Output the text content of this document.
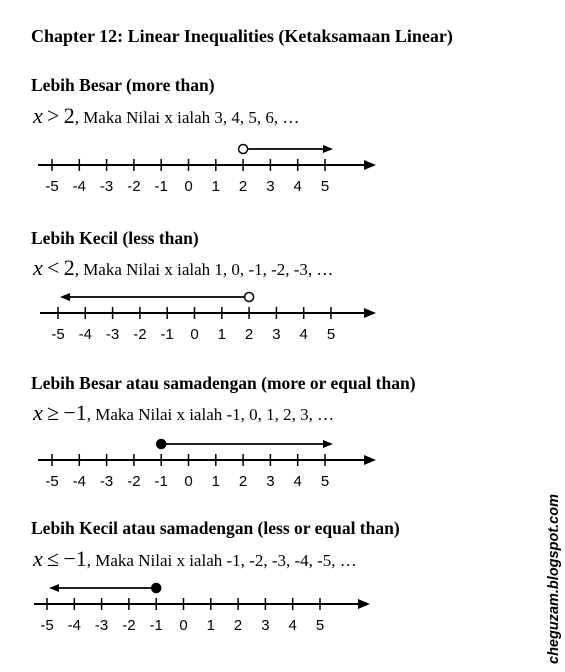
Chapter 12: Linear Inequalities (Ketaksamaan Linear)
Lebih Besar (more than)
x > 2, Maka Nilai x ialah 3, 4, 5, 6, …
-5 -4 -3 -2 -1 0 1 2 3 4 5
Lebih Kecil (less than)
x < 2, Maka Nilai x ialah 1, 0, -1, -2, -3, …
-5 -4 -3 -2 -1 0 1 2 3 4 5
Lebih Besar atau samadengan (more or equal than)
x ≥ −1, Maka Nilai x ialah -1, 0, 1, 2, 3, …
-5 -4 -3 -2 -1 0 1 2 3 4 5
Lebih Kecil atau samadengan (less or equal than)
x ≤ −1, Maka Nilai x ialah -1, -2, -3, -4, -5, …
-5 -4 -3 -2 -1 0 1 2 3 4 5	cheguzam.blogspot.com
